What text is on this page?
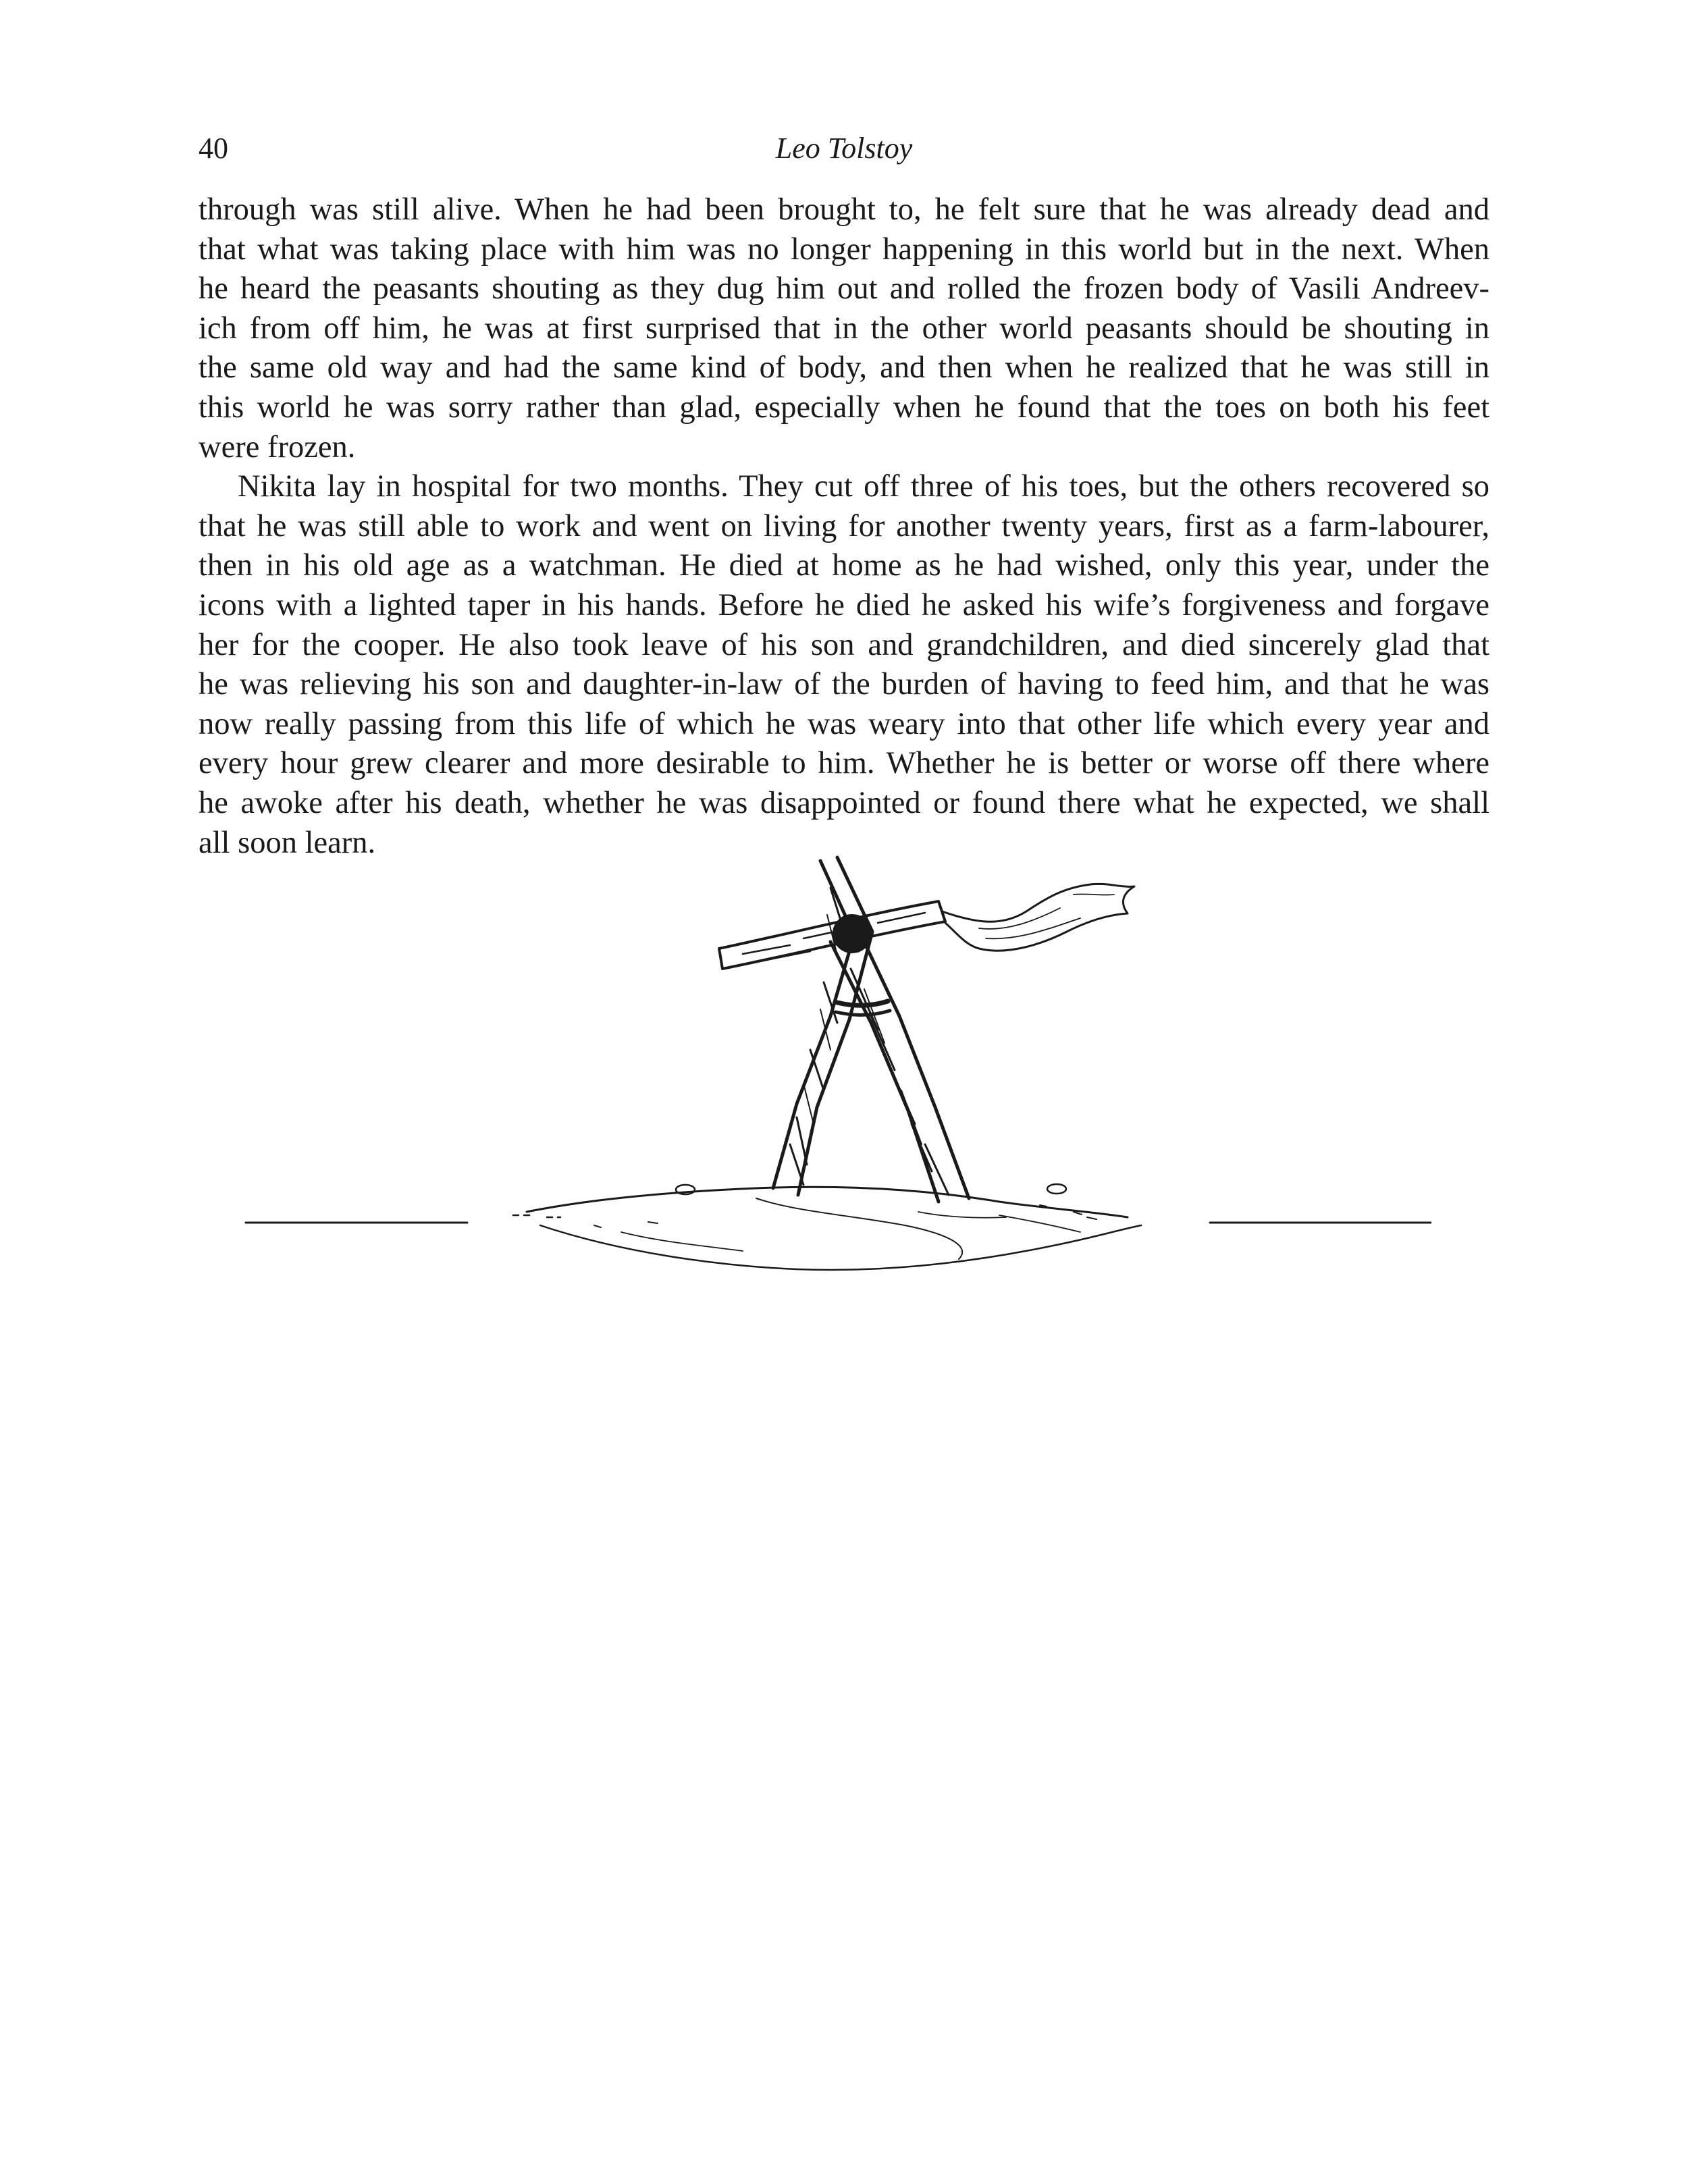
40	Leo Tolstoy
through was still alive. When he had been brought to, he felt sure that he was already dead and
that what was taking place with him was no longer happening in this world but in the next. When
he heard the peasants shouting as they dug him out and rolled the frozen body of Vasili Andreev-
ich from off him, he was at first surprised that in the other world peasants should be shouting in
the same old way and had the same kind of body, and then when he realized that he was still in
this world he was sorry rather than glad, especially when he found that the toes on both his feet
were frozen.
Nikita lay in hospital for two months. They cut off three of his toes, but the others recovered so
that he was still able to work and went on living for another twenty years, first as a farm-labourer,
then in his old age as a watchman. He died at home as he had wished, only this year, under the
icons with a lighted taper in his hands. Before he died he asked his wife’s forgiveness and forgave
her for the cooper. He also took leave of his son and grandchildren, and died sincerely glad that
he was relieving his son and daughter-in-law of the burden of having to feed him, and that he was
now really passing from this life of which he was weary into that other life which every year and
every hour grew clearer and more desirable to him. Whether he is better or worse off there where
he awoke after his death, whether he was disappointed or found there what he expected, we shall
all soon learn.
